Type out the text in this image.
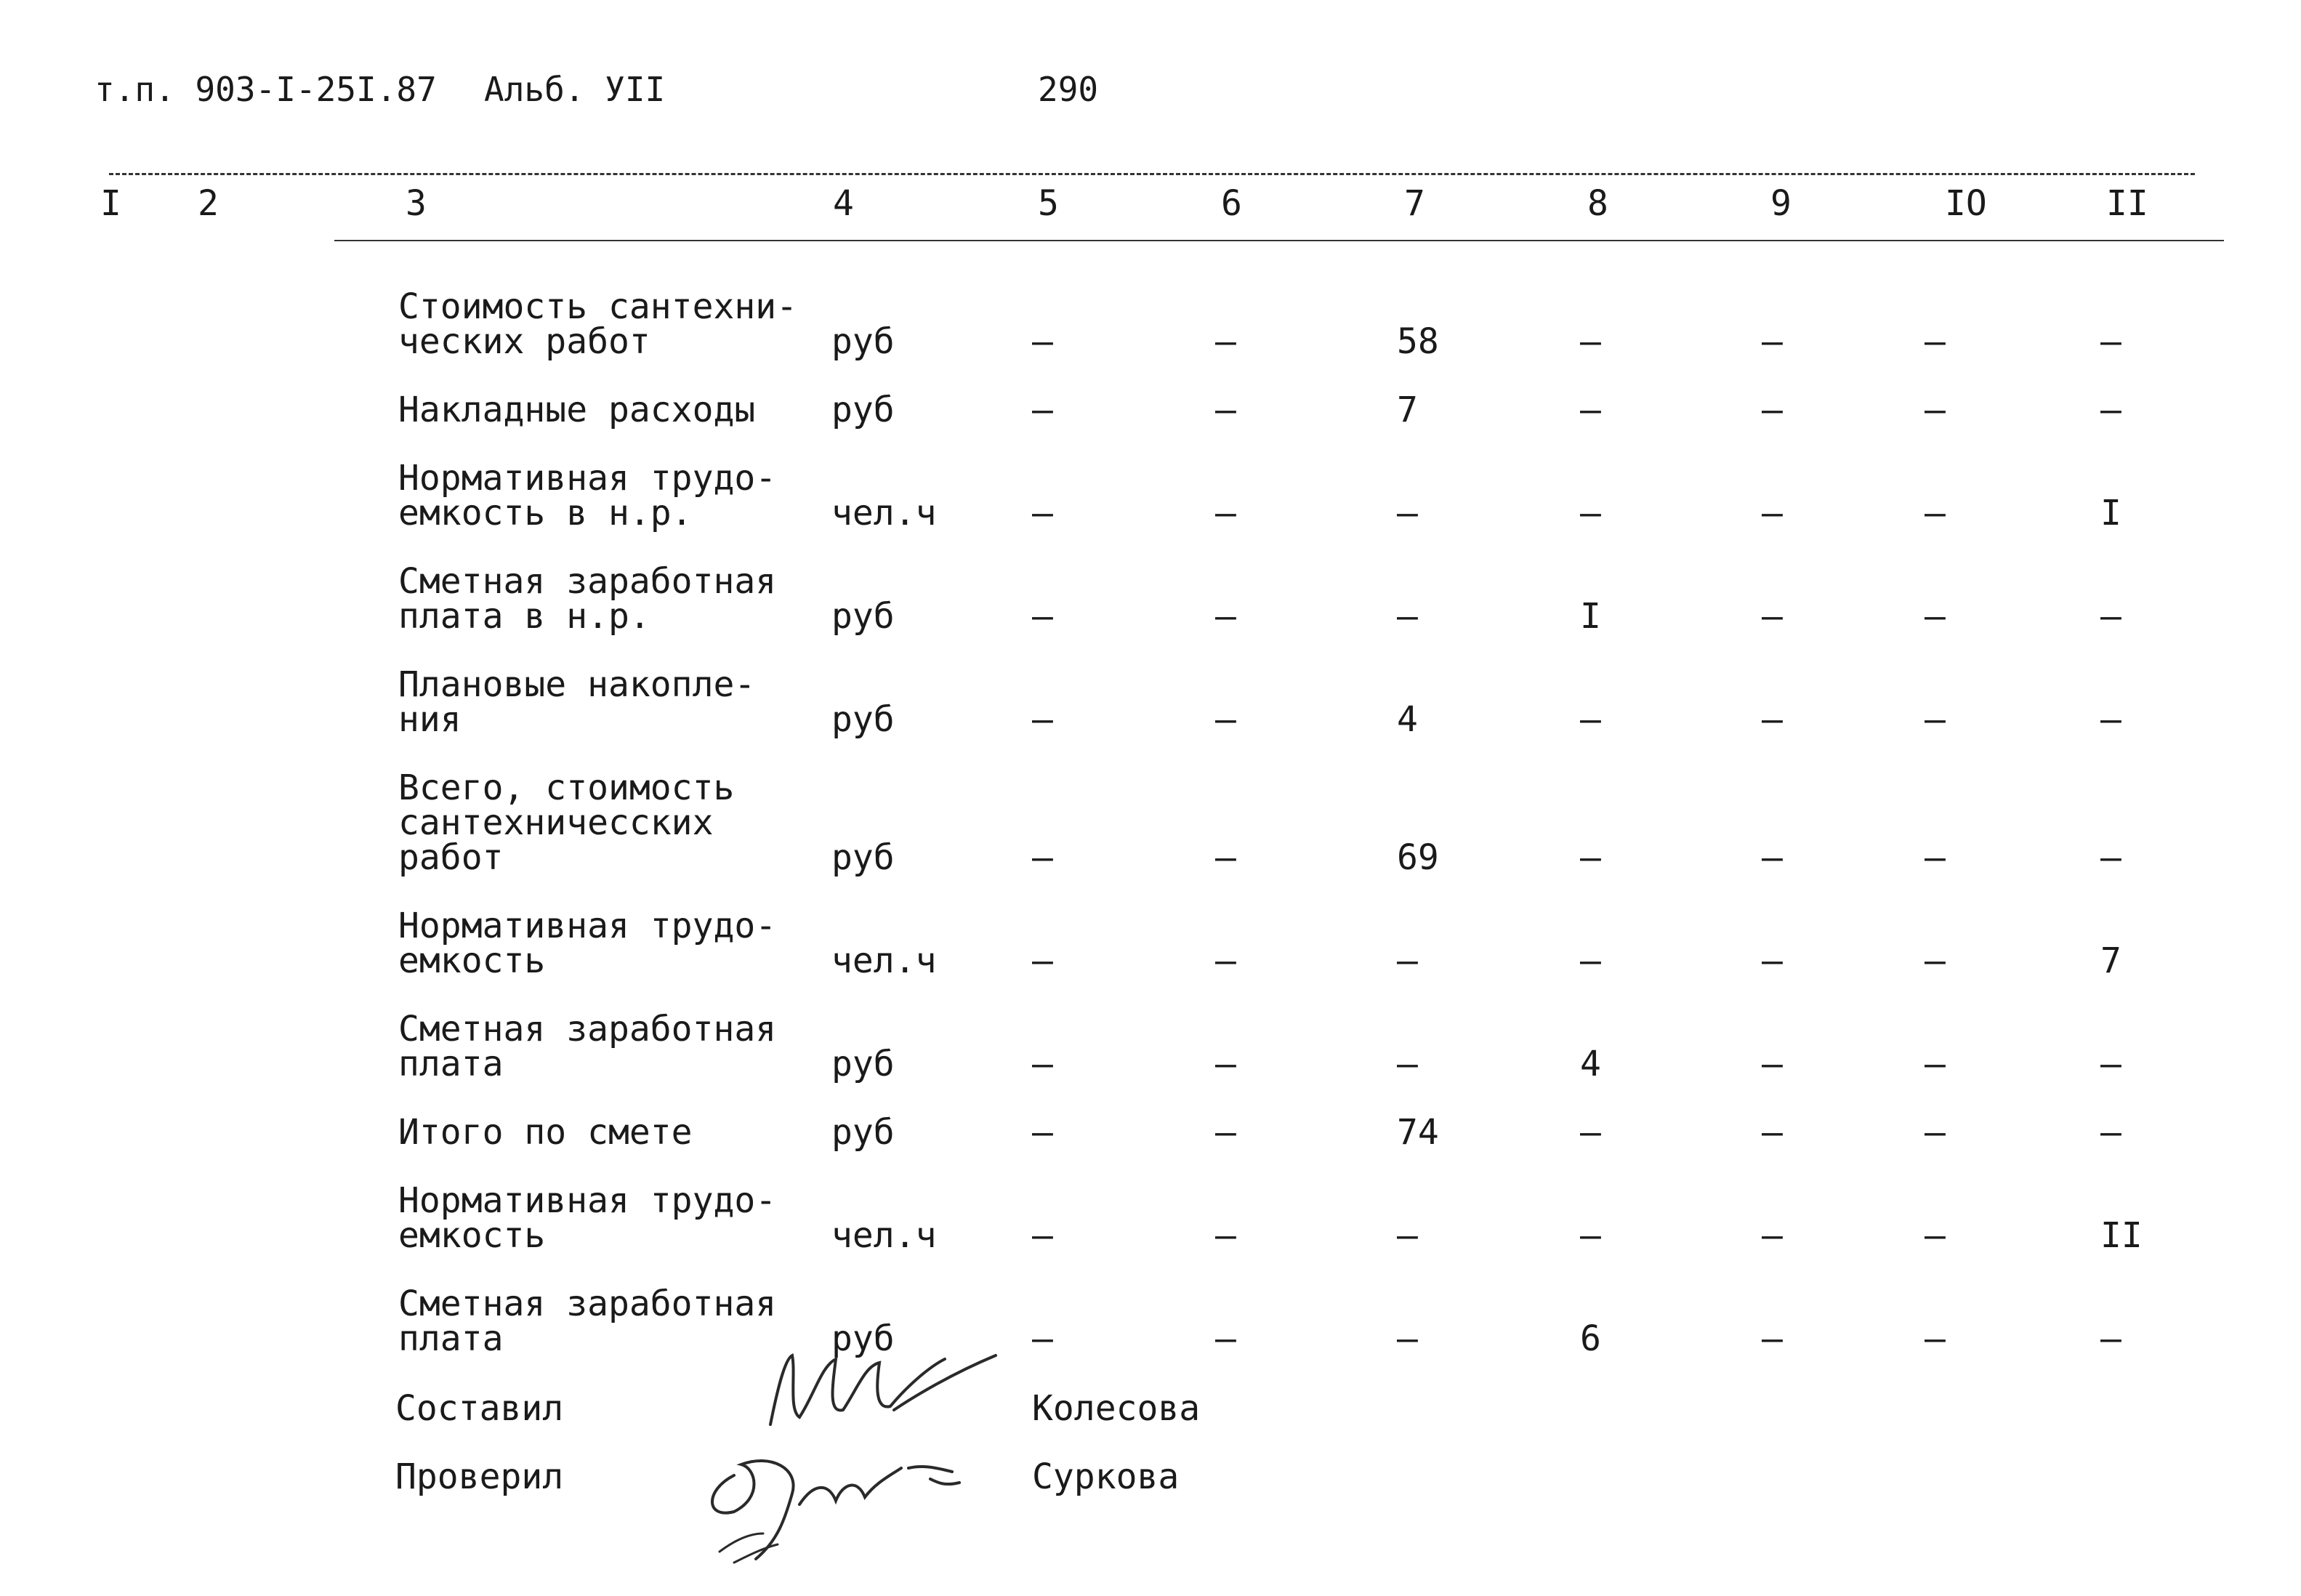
т.п. 903-I-25I.87 Альб. УII	290
I 2	3	4	5	6	7	8	9	IO	II
Стоимость сантехни-
ческих работ	руб	–	–	58	–	–	–	–
Накладные расходы руб	–	–	7	–	–	–	–
Нормативная трудо-
емкость в н.р.	чел.ч	–	–	–	–	–	–	I
Сметная заработная
плата в н.р.	руб	–	–	–	I	–	–	–
Плановые накопле-
ния	руб	–	–	4	–	–	–	–
Всего, стоимость
сантехничесских
работ	руб	–	–	69	–	–	–	–
Нормативная трудо-
емкость	чел.ч	–	–	–	–	–	–	7
Сметная заработная
плата	руб	–	–	–	4	–	–	–
Итого по смете	руб	–	–	74	–	–	–	–
Нормативная трудо-
емкость	чел.ч	–	–	–	–	–	–	II
Сметная заработная
плата	руб	–	–	–	6	–	–	–
Составил	Колесова
Проверил	Суркова
